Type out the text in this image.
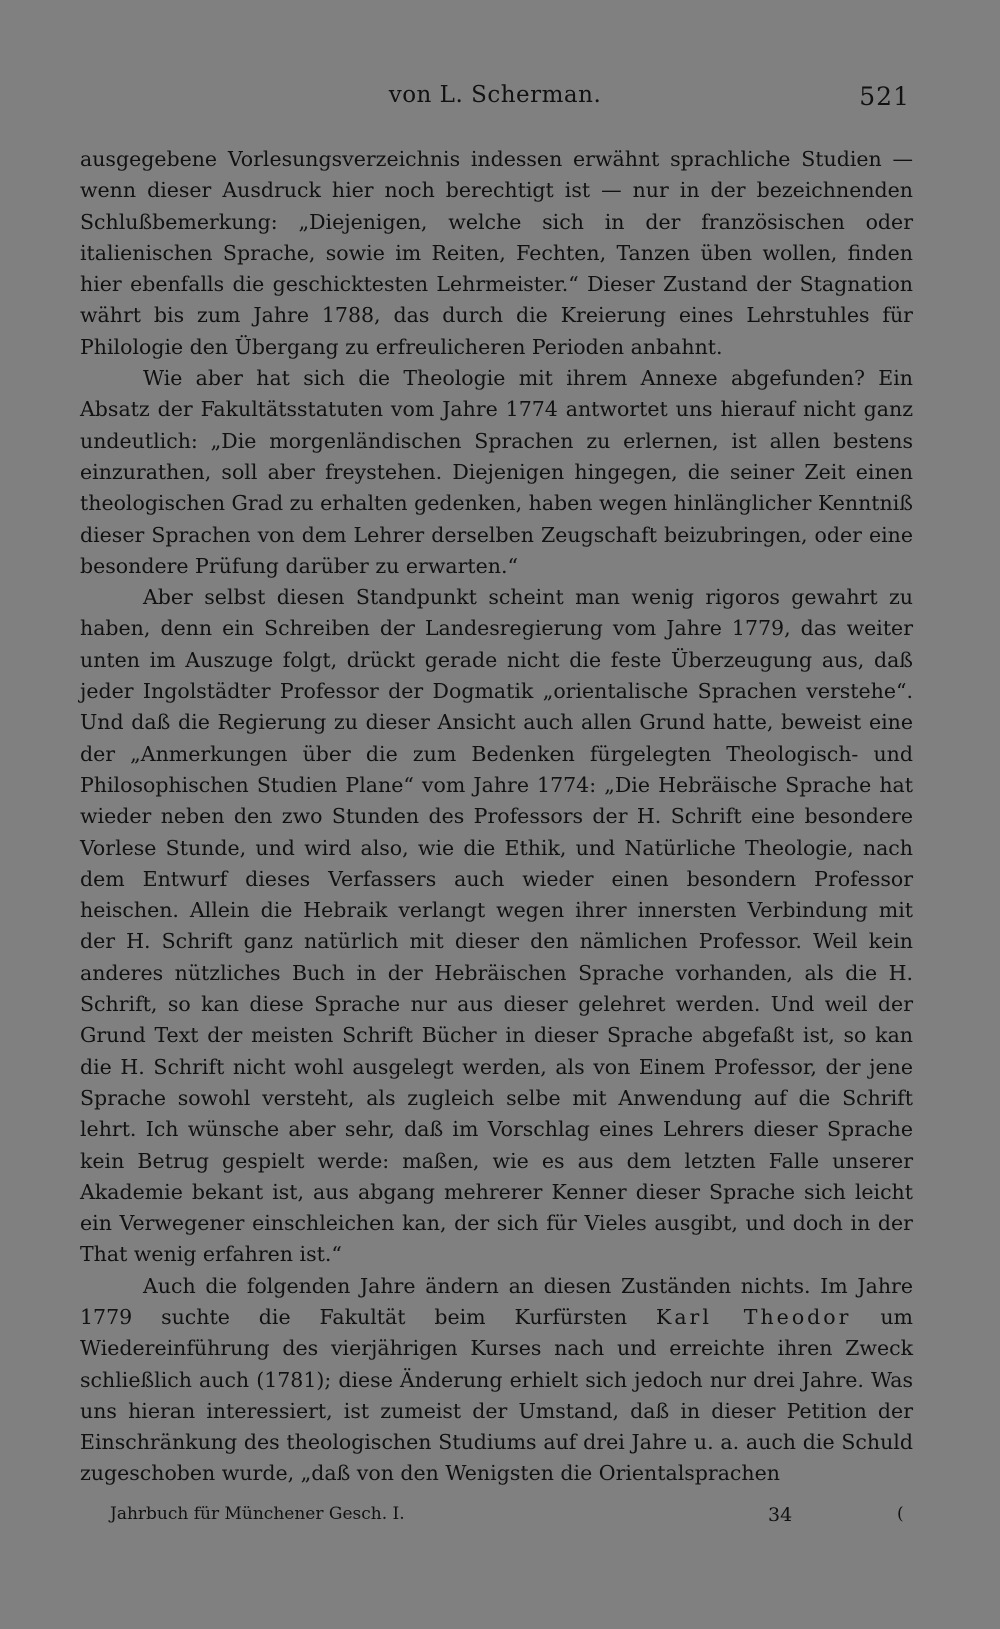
von L. Scherman.	521

ausgegebene Vorlesungsverzeichnis indessen erwähnt sprachliche Studien — wenn dieser Ausdruck hier noch berechtigt ist — nur in der bezeichnenden Schlußbemerkung: „Diejenigen, welche sich in der französischen oder italienischen Sprache, sowie im Reiten, Fechten, Tanzen üben wollen, finden hier ebenfalls die geschicktesten Lehrmeister.“ Dieser Zustand der Stagnation währt bis zum Jahre 1788, das durch die Kreierung eines Lehrstuhles für Philologie den Übergang zu erfreulicheren Perioden anbahnt.

Wie aber hat sich die Theologie mit ihrem Annexe abgefunden? Ein Absatz der Fakultätsstatuten vom Jahre 1774 antwortet uns hierauf nicht ganz undeutlich: „Die morgenländischen Sprachen zu erlernen, ist allen bestens einzurathen, soll aber freystehen. Diejenigen hingegen, die seiner Zeit einen theologischen Grad zu erhalten gedenken, haben wegen hinlänglicher Kenntniß dieser Sprachen von dem Lehrer derselben Zeugschaft beizubringen, oder eine besondere Prüfung darüber zu erwarten.“

Aber selbst diesen Standpunkt scheint man wenig rigoros gewahrt zu haben, denn ein Schreiben der Landesregierung vom Jahre 1779, das weiter unten im Auszuge folgt, drückt gerade nicht die feste Überzeugung aus, daß jeder Ingolstädter Professor der Dogmatik „orientalische Sprachen verstehe“. Und daß die Regierung zu dieser Ansicht auch allen Grund hatte, beweist eine der „Anmerkungen über die zum Bedenken fürgelegten Theologisch- und Philosophischen Studien Plane“ vom Jahre 1774: „Die Hebräische Sprache hat wieder neben den zwo Stunden des Professors der H. Schrift eine besondere Vorlese Stunde, und wird also, wie die Ethik, und Natürliche Theologie, nach dem Entwurf dieses Verfassers auch wieder einen besondern Professor heischen. Allein die Hebraik verlangt wegen ihrer innersten Verbindung mit der H. Schrift ganz natürlich mit dieser den nämlichen Professor. Weil kein anderes nützliches Buch in der Hebräischen Sprache vorhanden, als die H. Schrift, so kan diese Sprache nur aus dieser gelehret werden. Und weil der Grund Text der meisten Schrift Bücher in dieser Sprache abgefaßt ist, so kan die H. Schrift nicht wohl ausgelegt werden, als von Einem Professor, der jene Sprache sowohl versteht, als zugleich selbe mit Anwendung auf die Schrift lehrt. Ich wünsche aber sehr, daß im Vorschlag eines Lehrers dieser Sprache kein Betrug gespielt werde: maßen, wie es aus dem letzten Falle unserer Akademie bekant ist, aus abgang mehrerer Kenner dieser Sprache sich leicht ein Verwegener einschleichen kan, der sich für Vieles ausgibt, und doch in der That wenig erfahren ist.“

Auch die folgenden Jahre ändern an diesen Zuständen nichts. Im Jahre 1779 suchte die Fakultät beim Kurfürsten Karl Theodor um Wiedereinführung des vierjährigen Kurses nach und erreichte ihren Zweck schließlich auch (1781); diese Änderung erhielt sich jedoch nur drei Jahre. Was uns hieran interessiert, ist zumeist der Umstand, daß in dieser Petition der Einschränkung des theologischen Studiums auf drei Jahre u. a. auch die Schuld zugeschoben wurde, „daß von den Wenigsten die Orientalsprachen

Jahrbuch für Münchener Gesch. I.	34	(
